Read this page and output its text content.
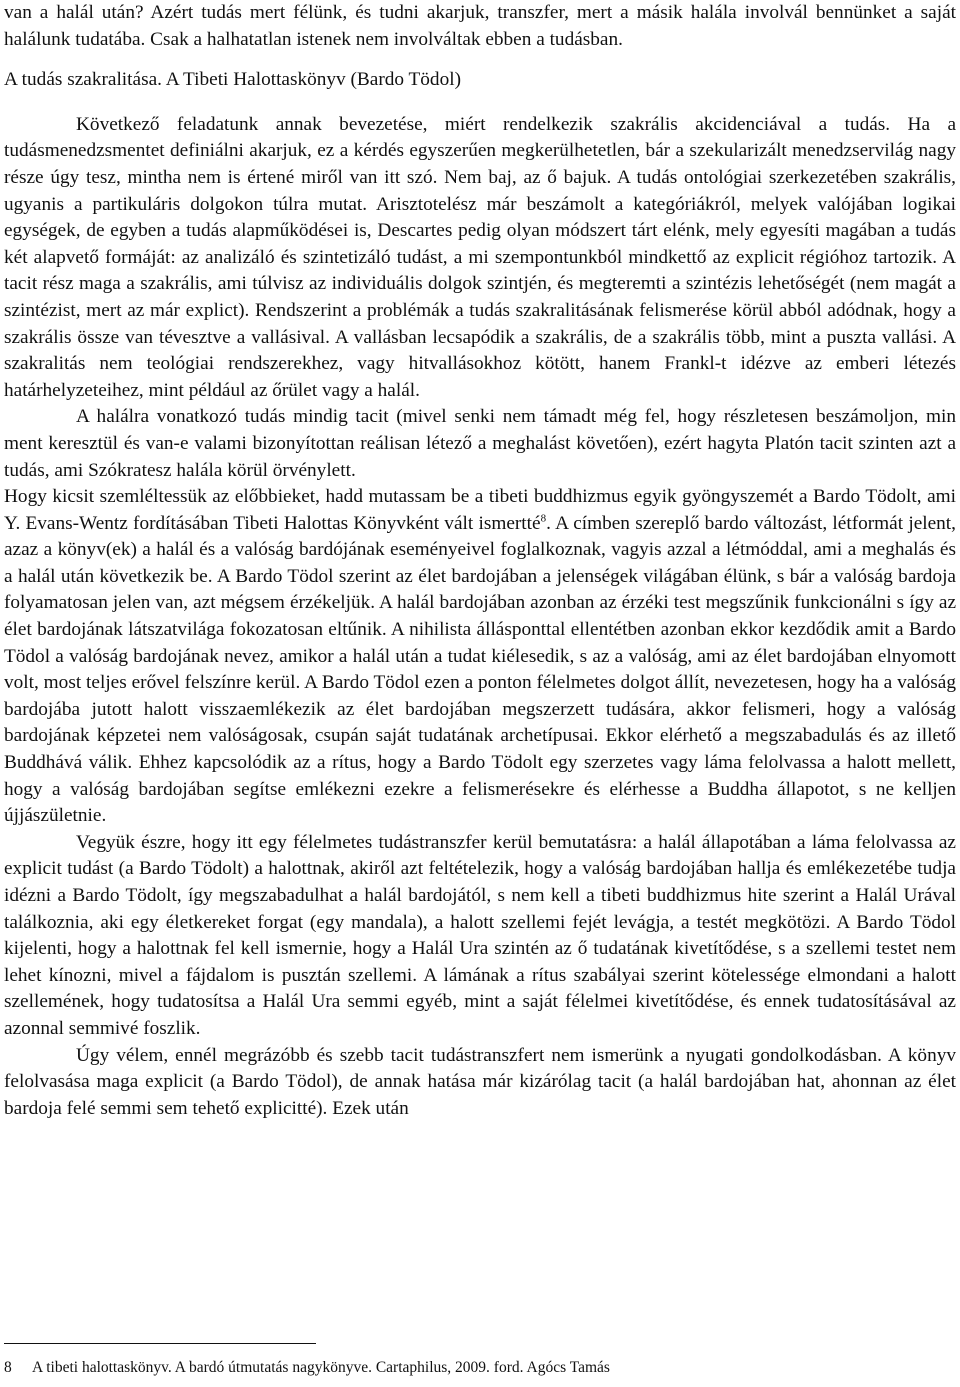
van a halál után? Azért tudás mert félünk, és tudni akarjuk, transzfer, mert a másik halála involvál bennünket a saját halálunk tudatába. Csak a halhatatlan istenek nem involváltak ebben a tudásban.

A tudás szakralitása. A Tibeti Halottaskönyv (Bardo Tödol)

Következő feladatunk annak bevezetése, miért rendelkezik szakrális akcidenciával a tudás. Ha a tudásmenedzsmentet definiálni akarjuk, ez a kérdés egyszerűen megkerülhetetlen, bár a szekularizált menedzservilág nagy része úgy tesz, mintha nem is értené miről van itt szó. Nem baj, az ő bajuk. A tudás ontológiai szerkezetében szakrális, ugyanis a partikuláris dolgokon túlra mutat. Arisztotelész már beszámolt a kategóriákról, melyek valójában logikai egységek, de egyben a tudás alapműködései is, Descartes pedig olyan módszert tárt elénk, mely egyesíti magában a tudás két alapvető formáját: az analizáló és szintetizáló tudást, a mi szempontunkból mindkettő az explicit régióhoz tartozik. A tacit rész maga a szakrális, ami túlvisz az individuális dolgok szintjén, és megteremti a szintézis lehetőségét (nem magát a szintézist, mert az már explict). Rendszerint a problémák a tudás szakralitásának felismerése körül abból adódnak, hogy a szakrális össze van tévesztve a vallásival. A vallásban lecsapódik a szakrális, de a szakrális több, mint a puszta vallási. A szakralitás nem teológiai rendszerekhez, vagy hitvallásokhoz kötött, hanem Frankl-t idézve az emberi létezés határhelyzeteihez, mint például az őrület vagy a halál.

A halálra vonatkozó tudás mindig tacit (mivel senki nem támadt még fel, hogy részletesen beszámoljon, min ment keresztül és van-e valami bizonyítottan reálisan létező a meghalást követően), ezért hagyta Platón tacit szinten azt a tudás, ami Szókratesz halála körül örvénylett.

Hogy kicsit szemléltessük az előbbieket, hadd mutassam be a tibeti buddhizmus egyik gyöngyszemét a Bardo Tödolt, ami Y. Evans-Wentz fordításában Tibeti Halottas Könyvként vált ismertté$^8$. A címben szereplő bardo változást, létformát jelent, azaz a könyv(ek) a halál és a valóság bardójának eseményeivel foglalkoznak, vagyis azzal a létmóddal, ami a meghalás és a halál után következik be. A Bardo Tödol szerint az élet bardojában a jelenségek világában élünk, s bár a valóság bardoja folyamatosan jelen van, azt mégsem érzékeljük. A halál bardojában azonban az érzéki test megszűnik funkcionálni s így az élet bardojának látszatvilága fokozatosan eltűnik. A nihilista állásponttal ellentétben azonban ekkor kezdődik amit a Bardo Tödol a valóság bardojának nevez, amikor a halál után a tudat kiélesedik, s az a valóság, ami az élet bardojában elnyomott volt, most teljes erővel felszínre kerül. A Bardo Tödol ezen a ponton félelmetes dolgot állít, nevezetesen, hogy ha a valóság bardojába jutott halott visszaemlékezik az élet bardojában megszerzett tudására, akkor felismeri, hogy a valóság bardojának képzetei nem valóságosak, csupán saját tudatának archetípusai. Ekkor elérhető a megszabadulás és az illető Buddhává válik. Ehhez kapcsolódik az a rítus, hogy a Bardo Tödolt egy szerzetes vagy láma felolvassa a halott mellett, hogy a valóság bardojában segítse emlékezni ezekre a felismerésekre és elérhesse a Buddha állapotot, s ne kelljen újjászületnie.

Vegyük észre, hogy itt egy félelmetes tudástranszfer kerül bemutatásra: a halál állapotában a láma felolvassa az explicit tudást (a Bardo Tödolt) a halottnak, akiről azt feltételezik, hogy a valóság bardojában hallja és emlékezetébe tudja idézni a Bardo Tödolt, így megszabadulhat a halál bardojától, s nem kell a tibeti buddhizmus hite szerint a Halál Urával találkoznia, aki egy életkereket forgat (egy mandala), a halott szellemi fejét levágja, a testét megkötözi. A Bardo Tödol kijelenti, hogy a halottnak fel kell ismernie, hogy a Halál Ura szintén az ő tudatának kivetítődése, s a szellemi testet nem lehet kínozni, mivel a fájdalom is pusztán szellemi. A lámának a rítus szabályai szerint kötelessége elmondani a halott szellemének, hogy tudatosítsa a Halál Ura semmi egyéb, mint a saját félelmei kivetítődése, és ennek tudatosításával az azonnal semmivé foszlik.

Úgy vélem, ennél megrázóbb és szebb tacit tudástranszfert nem ismerünk a nyugati gondolkodásban. A könyv felolvasása maga explicit (a Bardo Tödol), de annak hatása már kizárólag tacit (a halál bardojában hat, ahonnan az élet bardoja felé semmi sem tehető explicitté). Ezek után

8 A tibeti halottaskönyv. A bardó útmutatás nagykönyve. Cartaphilus, 2009. ford. Agócs Tamás
